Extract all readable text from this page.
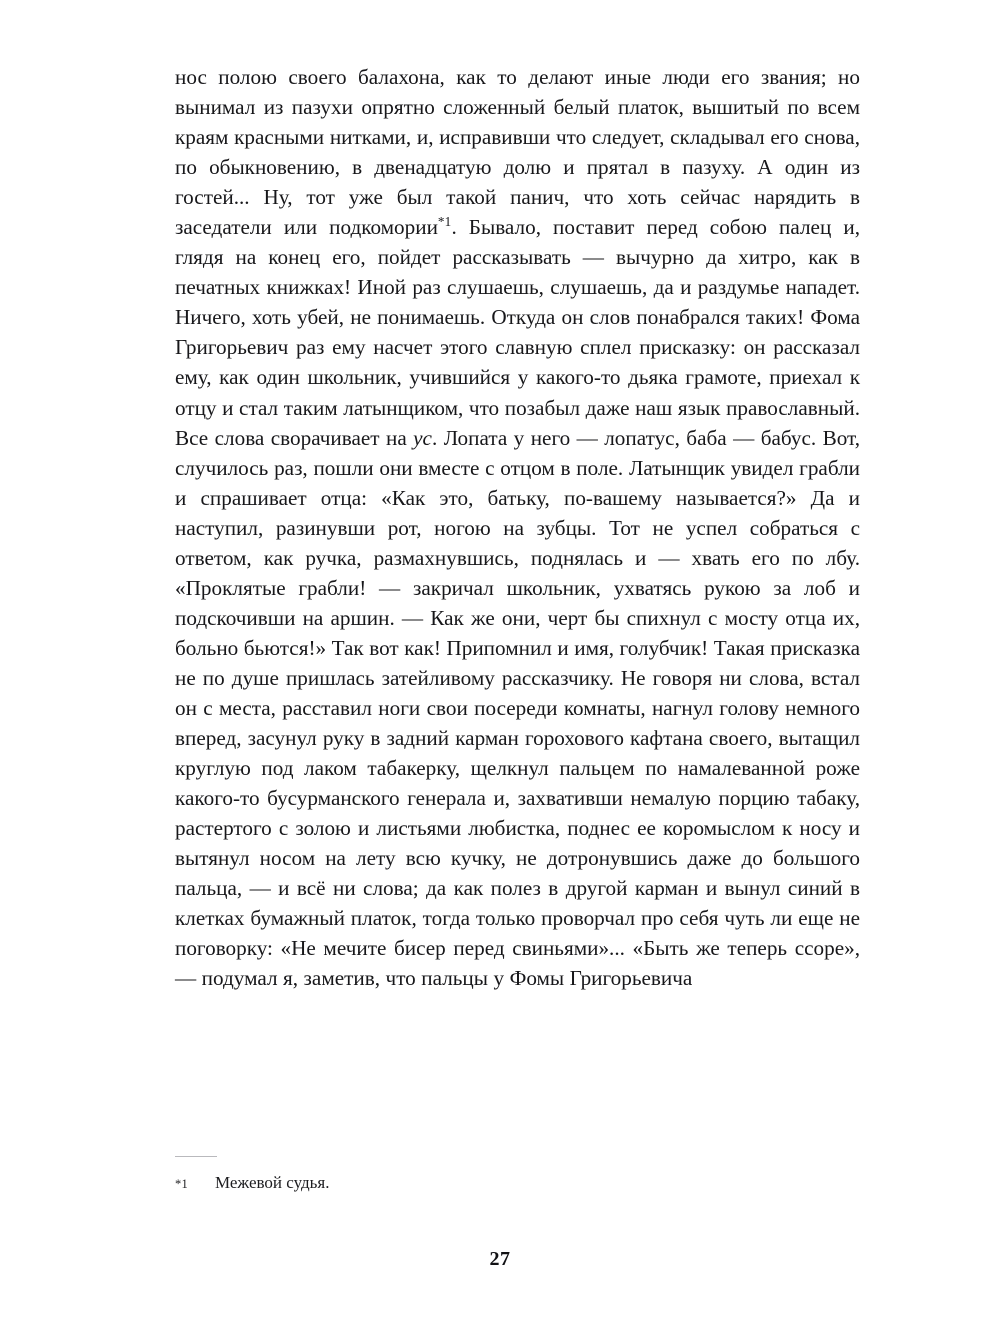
нос полою своего балахона, как то делают иные люди его звания; но вынимал из пазухи опрятно сложенный белый платок, вышитый по всем краям красными нитками, и, исправивши что следует, складывал его снова, по обыкновению, в двенадцатую долю и прятал в пазуху. А один из гостей... Ну, тот уже был такой панич, что хоть сейчас нарядить в заседатели или подкомории$^{*1}$. Бывало, поставит перед собою палец и, глядя на конец его, пойдет рассказывать — вычурно да хитро, как в печатных книжках! Иной раз слушаешь, слушаешь, да и раздумье нападет. Ничего, хоть убей, не понимаешь. Откуда он слов понабрался таких! Фома Григорьевич раз ему насчет этого славную сплел присказку: он рассказал ему, как один школьник, учившийся у какого-то дьяка грамоте, приехал к отцу и стал таким латынщиком, что позабыл даже наш язык православный. Все слова сворачивает на ус. Лопата у него — лопатус, баба — бабус. Вот, случилось раз, пошли они вместе с отцом в поле. Латынщик увидел грабли и спрашивает отца: «Как это, батьку, по-вашему называется?» Да и наступил, разинувши рот, ногою на зубцы. Тот не успел собраться с ответом, как ручка, размахнувшись, поднялась и — хвать его по лбу. «Проклятые грабли! — закричал школьник, ухватясь рукою за лоб и подскочивши на аршин. — Как же они, черт бы спихнул с мосту отца их, больно бьются!» Так вот как! Припомнил и имя, голубчик! Такая присказка не по душе пришлась затейливому рассказчику. Не говоря ни слова, встал он с места, расставил ноги свои посереди комнаты, нагнул голову немного вперед, засунул руку в задний карман горохового кафтана своего, вытащил круглую под лаком табакерку, щелкнул пальцем по намалеванной роже какого-то бусурманского генерала и, захвативши немалую порцию табаку, растертого с золою и листьями любистка, поднес ее коромыслом к носу и вытянул носом на лету всю кучку, не дотронувшись даже до большого пальца, — и всё ни слова; да как полез в другой карман и вынул синий в клетках бумажный платок, тогда только проворчал про себя чуть ли еще не поговорку: «Не мечите бисер перед свиньями»... «Быть же теперь ссоре», — подумал я, заметив, что пальцы у Фомы Григорьевича

*1	Межевой судья.
27
